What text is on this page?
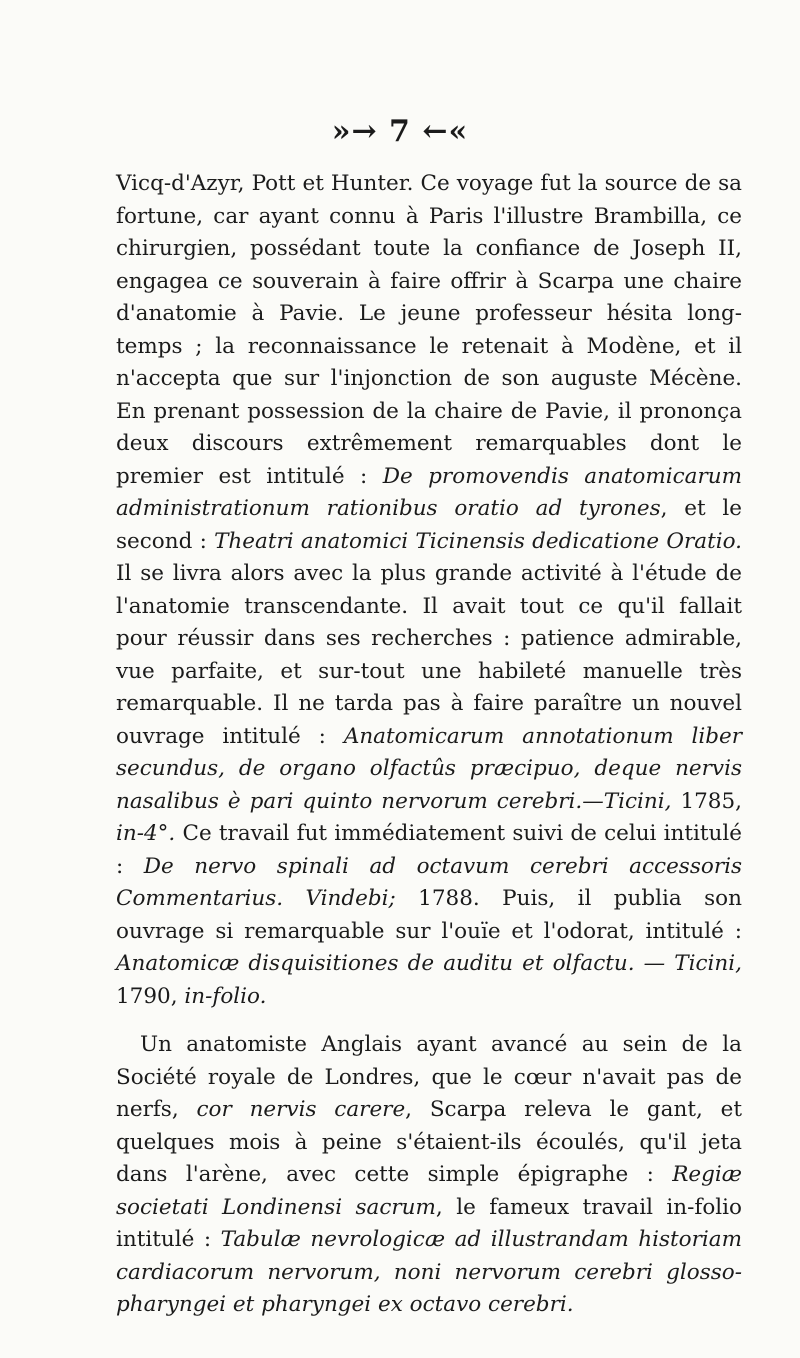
»→ 7 ←«

Vicq-d'Azyr, Pott et Hunter. Ce voyage fut la source de sa fortune, car ayant connu à Paris l'illustre Brambilla, ce chirurgien, possédant toute la confiance de Joseph II, engagea ce souverain à faire offrir à Scarpa une chaire d'anatomie à Pavie. Le jeune professeur hésita long-temps ; la reconnaissance le retenait à Modène, et il n'accepta que sur l'injonction de son auguste Mécène. En prenant possession de la chaire de Pavie, il prononça deux discours extrêmement remarquables dont le premier est intitulé : De promovendis anatomicarum administrationum rationibus oratio ad tyrones, et le second : Theatri anatomici Ticinensis dedicatione Oratio. Il se livra alors avec la plus grande activité à l'étude de l'anatomie transcendante. Il avait tout ce qu'il fallait pour réussir dans ses recherches : patience admirable, vue parfaite, et sur-tout une habileté manuelle très remarquable. Il ne tarda pas à faire paraître un nouvel ouvrage intitulé : Anatomicarum annotationum liber secundus, de organo olfactûs præcipuo, deque nervis nasalibus è pari quinto nervorum cerebri.—Ticini, 1785, in-4°. Ce travail fut immédiatement suivi de celui intitulé : De nervo spinali ad octavum cerebri accessoris Commentarius. Vindebi; 1788. Puis, il publia son ouvrage si remarquable sur l'ouïe et l'odorat, intitulé : Anatomicæ disquisitiones de auditu et olfactu. — Ticini, 1790, in-folio.

Un anatomiste Anglais ayant avancé au sein de la Société royale de Londres, que le cœur n'avait pas de nerfs, cor nervis carere, Scarpa releva le gant, et quelques mois à peine s'étaient-ils écoulés, qu'il jeta dans l'arène, avec cette simple épigraphe : Regiæ societati Londinensi sacrum, le fameux travail in-folio intitulé : Tabulæ nevrologicæ ad illustrandam historiam cardiacorum nervorum, noni nervorum cerebri glosso-pharyngei et pharyngei ex octavo cerebri.
